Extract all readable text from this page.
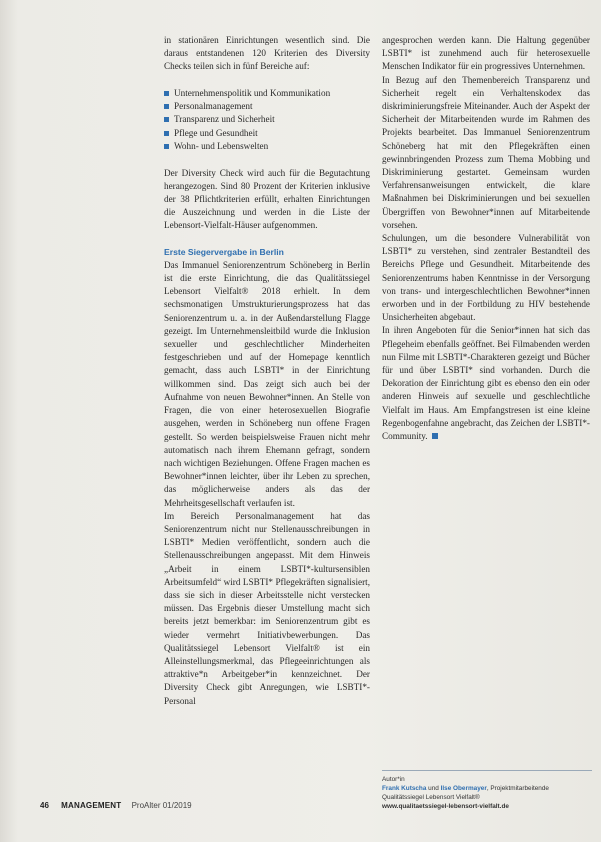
in stationären Einrichtungen wesentlich sind. Die daraus entstandenen 120 Kriterien des Diversity Checks teilen sich in fünf Bereiche auf:

Unternehmenspolitik und Kommunikation
Personalmanagement
Transparenz und Sicherheit
Pflege und Gesundheit
Wohn- und Lebenswelten

Der Diversity Check wird auch für die Begutachtung herangezogen. Sind 80 Prozent der Kriterien inklusive der 38 Pflichtkriterien erfüllt, erhalten Einrichtungen die Auszeichnung und werden in die Liste der Lebensort-Vielfalt-Häuser aufgenommen.

Erste Siegervergabe in Berlin

Das Immanuel Seniorenzentrum Schöneberg in Berlin ist die erste Einrichtung, die das Qualitätssiegel Lebensort Vielfalt® 2018 erhielt. In dem sechsmonatigen Umstrukturierungsprozess hat das Seniorenzentrum u. a. in der Außendarstellung Flagge gezeigt. Im Unternehmensleitbild wurde die Inklusion sexueller und geschlechtlicher Minderheiten festgeschrieben und auf der Homepage kenntlich gemacht, dass auch LSBTI* in der Einrichtung willkommen sind. Das zeigt sich auch bei der Aufnahme von neuen Bewohner*innen. An Stelle von Fragen, die von einer heterosexuellen Biografie ausgehen, werden in Schöneberg nun offene Fragen gestellt. So werden beispielsweise Frauen nicht mehr automatisch nach ihrem Ehemann gefragt, sondern nach wichtigen Beziehungen. Offene Fragen machen es Bewohner*innen leichter, über ihr Leben zu sprechen, das möglicherweise anders als das der Mehrheitsgesellschaft verlaufen ist.

Im Bereich Personalmanagement hat das Seniorenzentrum nicht nur Stellenausschreibungen in LSBTI* Medien veröffentlicht, sondern auch die Stellenausschreibungen angepasst. Mit dem Hinweis „Arbeit in einem LSBTI*-kultursensiblen Arbeitsumfeld“ wird LSBTI* Pflegekräften signalisiert, dass sie sich in dieser Arbeitsstelle nicht verstecken müssen. Das Ergebnis dieser Umstellung macht sich bereits jetzt bemerkbar: im Seniorenzentrum gibt es wieder vermehrt Initiativbewerbungen. Das Qualitätssiegel Lebensort Vielfalt® ist ein Alleinstellungsmerkmal, das Pflegeeinrichtungen als attraktive*n Arbeitgeber*in kennzeichnet. Der Diversity Check gibt Anregungen, wie LSBTI*-Personal

angesprochen werden kann. Die Haltung gegenüber LSBTI* ist zunehmend auch für heterosexuelle Menschen Indikator für ein progressives Unternehmen.

In Bezug auf den Themenbereich Transparenz und Sicherheit regelt ein Verhaltenskodex das diskriminierungsfreie Miteinander. Auch der Aspekt der Sicherheit der Mitarbeitenden wurde im Rahmen des Projekts bearbeitet. Das Immanuel Seniorenzentrum Schöneberg hat mit den Pflegekräften einen gewinnbringenden Prozess zum Thema Mobbing und Diskriminierung gestartet. Gemeinsam wurden Verfahrensanweisungen entwickelt, die klare Maßnahmen bei Diskriminierungen und bei sexuellen Übergriffen von Bewohner*innen auf Mitarbeitende vorsehen.

Schulungen, um die besondere Vulnerabilität von LSBTI* zu verstehen, sind zentraler Bestandteil des Bereichs Pflege und Gesundheit. Mitarbeitende des Seniorenzentrums haben Kenntnisse in der Versorgung von trans- und intergeschlechtlichen Bewohner*innen erworben und in der Fortbildung zu HIV bestehende Unsicherheiten abgebaut.

In ihren Angeboten für die Senior*innen hat sich das Pflegeheim ebenfalls geöffnet. Bei Filmabenden werden nun Filme mit LSBTI*-Charakteren gezeigt und Bücher für und über LSBTI* sind vorhanden. Durch die Dekoration der Einrichtung gibt es ebenso den ein oder anderen Hinweis auf sexuelle und geschlechtliche Vielfalt im Haus. Am Empfangstresen ist eine kleine Regenbogenfahne angebracht, das Zeichen der LSBTI*-Community.

Autor*in
Frank Kutscha und Ilse Obermayer, Projektmitarbeitende Qualitätssiegel Lebensort Vielfalt®
www.qualitaetssiegel-lebensort-vielfalt.de
46 MANAGEMENT ProAlter 01/2019
